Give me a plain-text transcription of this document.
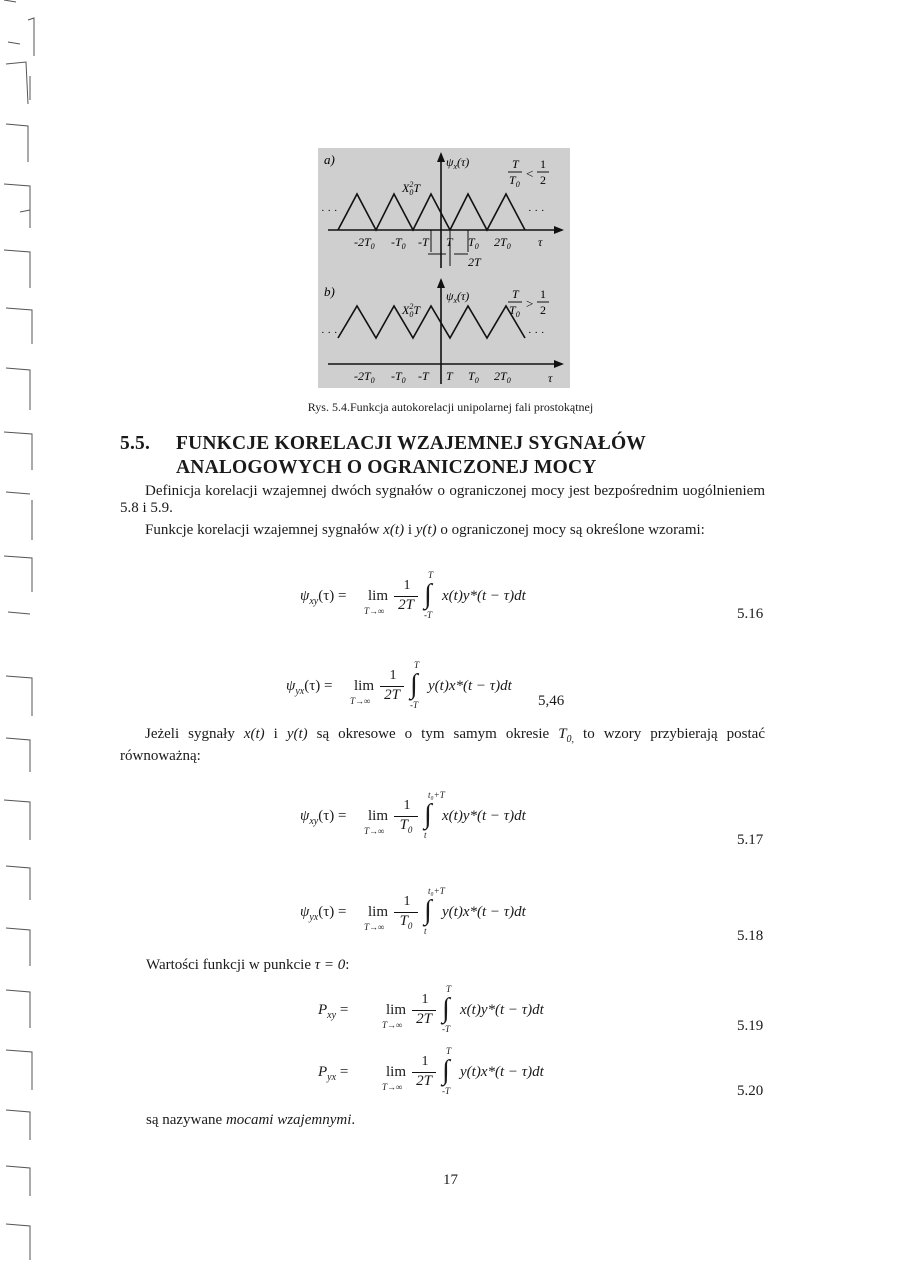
a)
· · ·	· · ·
$\psi_x(\tau)$
$X^2$ 0T
T
$T_0$
<
1
2
$-2T_0$ $-T_0$ -T T $T_0$ $2T_0$ τ
2T
b)
· · ·	· · ·
$\psi_x(\tau)$
$X^2$ 0T
T
$T_0$
>
1
2
$-2T_0$ $-T_0$ -T T $T_0$ $2T_0$	τ
Rys. 5.4.Funkcja autokorelacji unipolarnej fali prostokątnej
5.5. FUNKCJE KORELACJI WZAJEMNEJ SYGNAŁÓW
ANALOGOWYCH O OGRANICZONEJ MOCY
Definicja korelacji wzajemnej dwóch sygnałów o ograniczonej mocy jest bezpośrednim uogólnieniem 5.8 i 5.9.
Funkcje korelacji wzajemnej sygnałów x(t) i y(t) o ograniczonej mocy są określone wzorami:
$\psi_{xy}(\tau) = \lim$
T→∞
1
2T ∫
T
-T
x(t)y*(t − τ)dt
5.16
$\psi_{yx}(\tau) = \lim$
T→∞
1
2T ∫
T
-T
y(t)x*(t − τ)dt
5,46
Jeżeli sygnały x(t) i y(t) są okresowe o tym samym okresie $T_{0,}$ to wzory przybierają postać równoważną:
$\psi_{xy}(\tau) = \lim$
T→∞
1
$T_0$ ∫
t₀+T
t
x(t)y*(t − τ)dt
5.17
$\psi_{yx}(\tau) = \lim$
T→∞
1
$T_0$ ∫
t₀+T
t
y(t)x*(t − τ)dt
5.18
Wartości funkcji w punkcie τ = 0:
$P_{xy}$ =	lim
T→∞
1
2T ∫
T
-T
x(t)y*(t − τ)dt
5.19
$P_{yx}$ =	lim
T→∞
1
2T ∫
T
-T
y(t)x*(t − τ)dt
5.20
są nazywane mocami wzajemnymi.
17
